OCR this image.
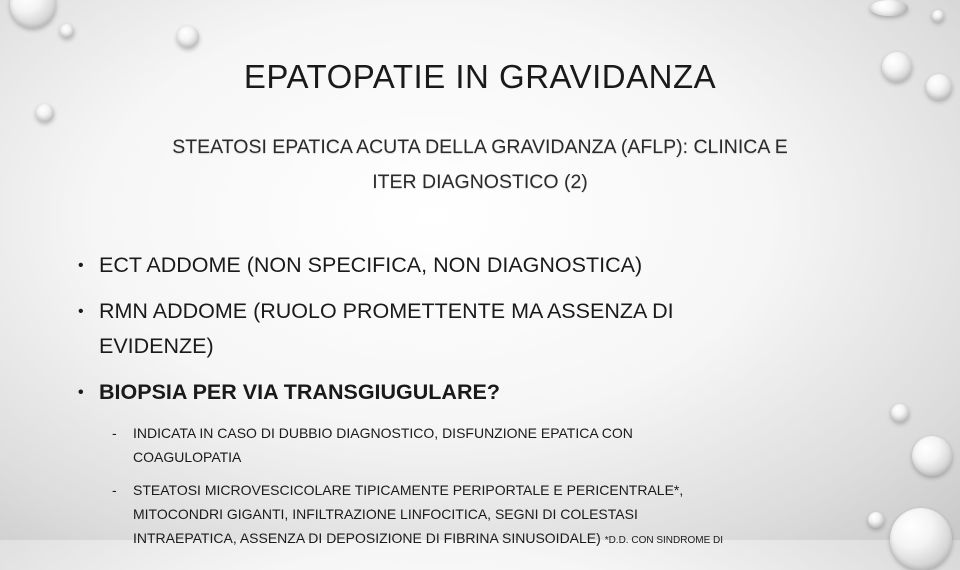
EPATOPATIE IN GRAVIDANZA
STEATOSI EPATICA ACUTA DELLA GRAVIDANZA (AFLP): CLINICA E
ITER DIAGNOSTICO (2)
• ECT ADDOME (NON SPECIFICA, NON DIAGNOSTICA)
• RMN ADDOME (RUOLO PROMETTENTE MA ASSENZA DI
EVIDENZE)
• BIOPSIA PER VIA TRANSGIUGULARE?
- INDICATA IN CASO DI DUBBIO DIAGNOSTICO, DISFUNZIONE EPATICA CON
COAGULOPATIA
- STEATOSI MICROVESCICOLARE TIPICAMENTE PERIPORTALE E PERICENTRALE*,
MITOCONDRI GIGANTI, INFILTRAZIONE LINFOCITICA, SEGNI DI COLESTASI
INTRAEPATICA, ASSENZA DI DEPOSIZIONE DI FIBRINA SINUSOIDALE) *D.D. CON SINDROME DI
